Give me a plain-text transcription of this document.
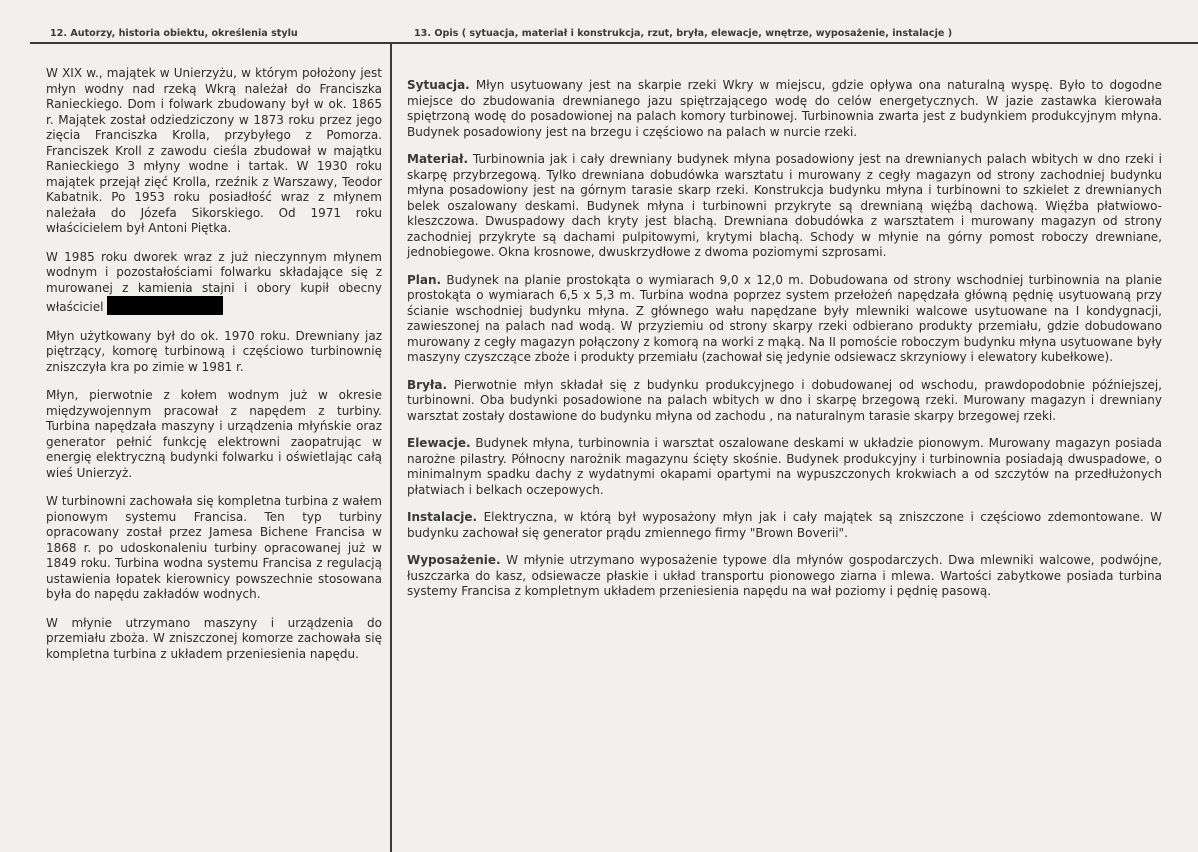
12. Autorzy, historia obiektu, określenia stylu	13. Opis ( sytuacja, materiał i konstrukcja, rzut, bryła, elewacje, wnętrze, wyposażenie, instalacje )

W XIX w., majątek w Unierzyżu, w którym położony jest młyn wodny nad rzeką Wkrą należał do Franciszka Ranieckiego. Dom i folwark zbudowany był w ok. 1865 r. Majątek został odziedziczony w 1873 roku przez jego zięcia Franciszka Krolla, przybyłego z Pomorza. Franciszek Kroll z zawodu cieśla zbudował w majątku Ranieckiego 3 młyny wodne i tartak. W 1930 roku majątek przejął zięć Krolla, rzeźnik z Warszawy, Teodor Kabatnik. Po 1953 roku posiadłość wraz z młynem należała do Józefa Sikorskiego. Od 1971 roku właścicielem był Antoni Piętka.

W 1985 roku dworek wraz z już nieczynnym młynem wodnym i pozostałościami folwarku składające się z murowanej z kamienia stajni i obory kupił obecny właściciel

Młyn użytkowany był do ok. 1970 roku. Drewniany jaz piętrzący, komorę turbinową i częściowo turbinownię zniszczyła kra po zimie w 1981 r.

Młyn, pierwotnie z kołem wodnym już w okresie międzywojennym pracował z napędem z turbiny. Turbina napędzała maszyny i urządzenia młyńskie oraz generator pełnić funkcję elektrowni zaopatrując w energię elektryczną budynki folwarku i oświetlając całą wieś Unierzyż.

W turbinowni zachowała się kompletna turbina z wałem pionowym systemu Francisa. Ten typ turbiny opracowany został przez Jamesa Bichene Francisa w 1868 r. po udoskonaleniu turbiny opracowanej już w 1849 roku. Turbina wodna systemu Francisa z regulacją ustawienia łopatek kierownicy powszechnie stosowana była do napędu zakładów wodnych.

W młynie utrzymano maszyny i urządzenia do przemiału zboża. W zniszczonej komorze zachowała się kompletna turbina z układem przeniesienia napędu.

Sytuacja. Młyn usytuowany jest na skarpie rzeki Wkry w miejscu, gdzie opływa ona naturalną wyspę. Było to dogodne miejsce do zbudowania drewnianego jazu spiętrzającego wodę do celów energetycznych. W jazie zastawka kierowała spiętrzoną wodę do posadowionej na palach komory turbinowej. Turbinownia zwarta jest z budynkiem produkcyjnym młyna. Budynek posadowiony jest na brzegu i częściowo na palach w nurcie rzeki.

Materiał. Turbinownia jak i cały drewniany budynek młyna posadowiony jest na drewnianych palach wbitych w dno rzeki i skarpę przybrzegową. Tylko drewniana dobudówka warsztatu i murowany z cegły magazyn od strony zachodniej budynku młyna posadowiony jest na górnym tarasie skarp rzeki. Konstrukcja budynku młyna i turbinowni to szkielet z drewnianych belek oszalowany deskami. Budynek młyna i turbinowni przykryte są drewnianą więźbą dachową. Więźba płatwiowo-kleszczowa. Dwuspadowy dach kryty jest blachą. Drewniana dobudówka z warsztatem i murowany magazyn od strony zachodniej przykryte są dachami pulpitowymi, krytymi blachą. Schody w młynie na górny pomost roboczy drewniane, jednobiegowe. Okna krosnowe, dwuskrzydłowe z dwoma poziomymi szprosami.

Plan. Budynek na planie prostokąta o wymiarach 9,0 x 12,0 m. Dobudowana od strony wschodniej turbinownia na planie prostokąta o wymiarach 6,5 x 5,3 m. Turbina wodna poprzez system przełożeń napędzała główną pędnię usytuowaną przy ścianie wschodniej budynku młyna. Z głównego wału napędzane były mlewniki walcowe usytuowane na I kondygnacji, zawieszonej na palach nad wodą. W przyziemiu od strony skarpy rzeki odbierano produkty przemiału, gdzie dobudowano murowany z cegły magazyn połączony z komorą na worki z mąką. Na II pomoście roboczym budynku młyna usytuowane były maszyny czyszczące zboże i produkty przemiału (zachował się jedynie odsiewacz skrzyniowy i elewatory kubełkowe).

Bryła. Pierwotnie młyn składał się z budynku produkcyjnego i dobudowanej od wschodu, prawdopodobnie późniejszej, turbinowni. Oba budynki posadowione na palach wbitych w dno i skarpę brzegową rzeki. Murowany magazyn i drewniany warsztat zostały dostawione do budynku młyna od zachodu , na naturalnym tarasie skarpy brzegowej rzeki.

Elewacje. Budynek młyna, turbinownia i warsztat oszalowane deskami w układzie pionowym. Murowany magazyn posiada narożne pilastry. Północny narożnik magazynu ścięty skośnie. Budynek produkcyjny i turbinownia posiadają dwuspadowe, o minimalnym spadku dachy z wydatnymi okapami opartymi na wypuszczonych krokwiach a od szczytów na przedłużonych płatwiach i belkach oczepowych.

Instalacje. Elektryczna, w którą był wyposażony młyn jak i cały majątek są zniszczone i częściowo zdemontowane. W budynku zachował się generator prądu zmiennego firmy "Brown Boverii".

Wyposażenie. W młynie utrzymano wyposażenie typowe dla młynów gospodarczych. Dwa mlewniki walcowe, podwójne, łuszczarka do kasz, odsiewacze płaskie i układ transportu pionowego ziarna i mlewa. Wartości zabytkowe posiada turbina systemy Francisa z kompletnym układem przeniesienia napędu na wał poziomy i pędnię pasową.
